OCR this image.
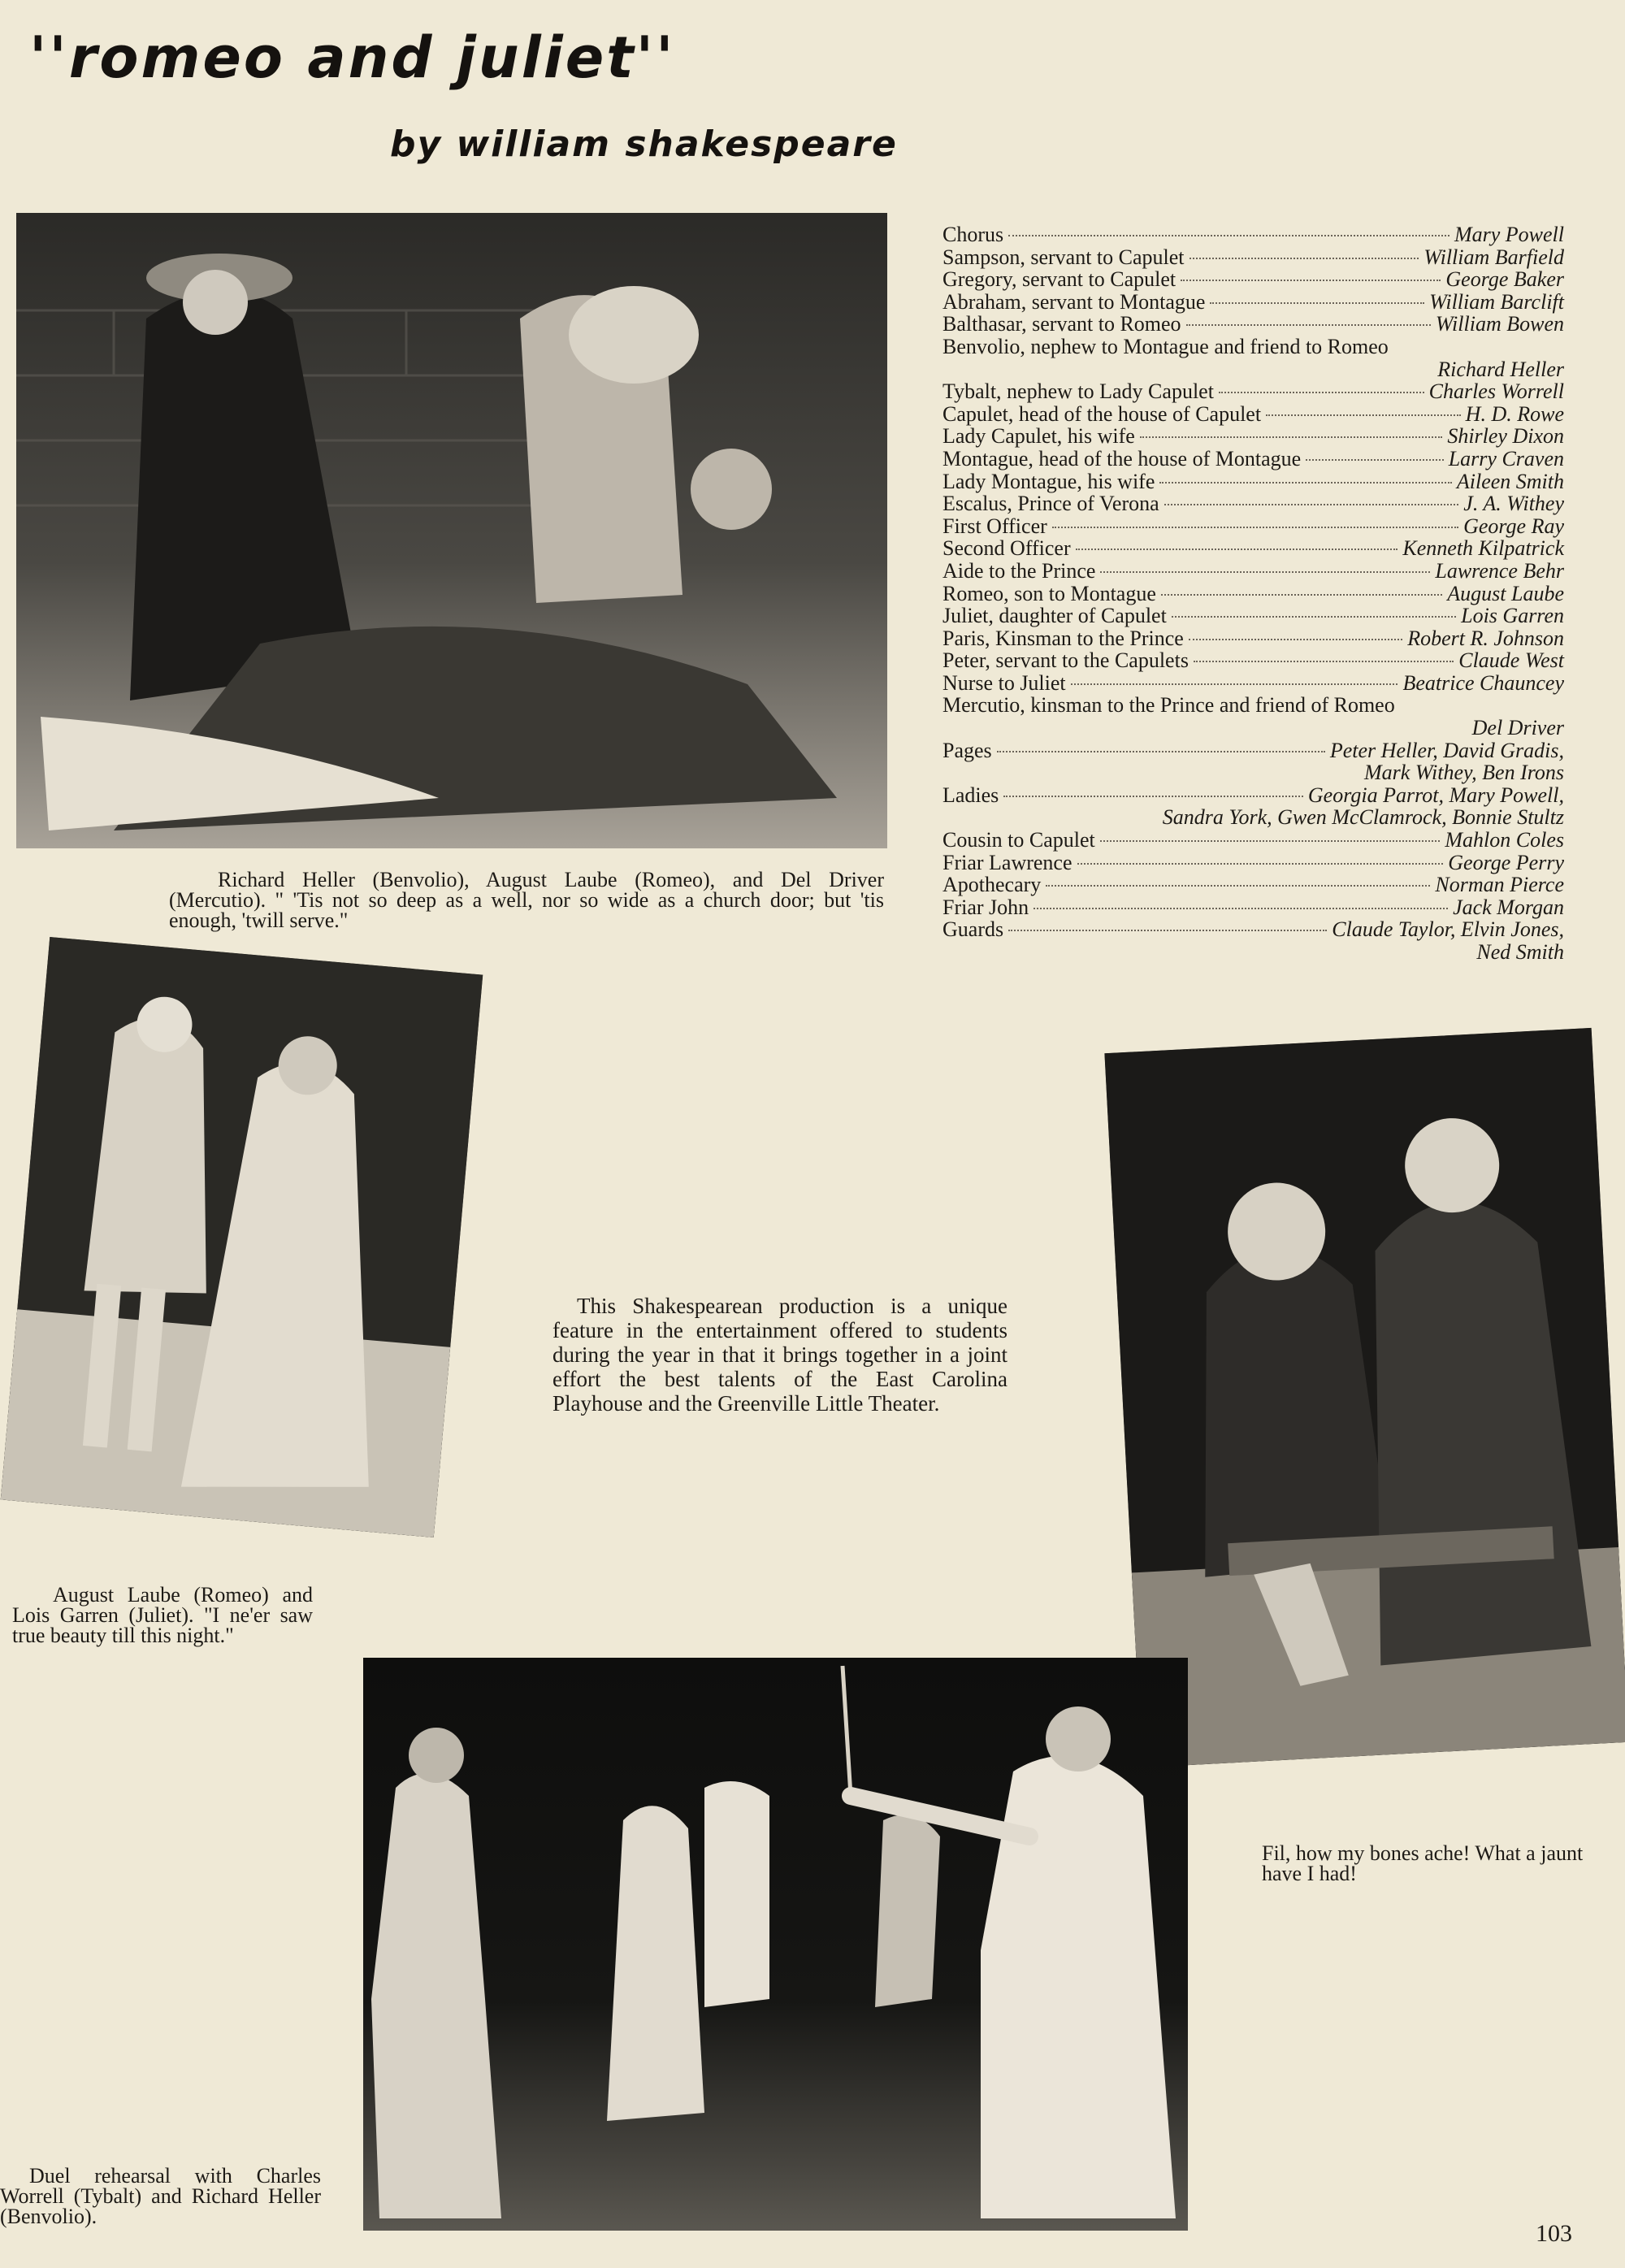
''romeo and juliet''
by william shakespeare
Richard Heller (Benvolio), August Laube (Romeo), and Del Driver (Mercutio). " 'Tis not so deep as a well, nor so wide as a church door; but 'tis enough, 'twill serve."
Chorus	Mary Powell
Sampson, servant to Capulet	William Barfield
Gregory, servant to Capulet	George Baker
Abraham, servant to Montague	William Barclift
Balthasar, servant to Romeo	William Bowen
Benvolio, nephew to Montague and friend to Romeo
Richard Heller
Tybalt, nephew to Lady Capulet	Charles Worrell
Capulet, head of the house of Capulet	H. D. Rowe
Lady Capulet, his wife	Shirley Dixon
Montague, head of the house of Montague	Larry Craven
Lady Montague, his wife	Aileen Smith
Escalus, Prince of Verona	J. A. Withey
First Officer	George Ray
Second Officer	Kenneth Kilpatrick
Aide to the Prince	Lawrence Behr
Romeo, son to Montague	August Laube
Juliet, daughter of Capulet	Lois Garren
Paris, Kinsman to the Prince	Robert R. Johnson
Peter, servant to the Capulets	Claude West
Nurse to Juliet	Beatrice Chauncey
Mercutio, kinsman to the Prince and friend of Romeo
Del Driver
Pages	Peter Heller, David Gradis,
Mark Withey, Ben Irons
Ladies	Georgia Parrot, Mary Powell,
Sandra York, Gwen McClamrock, Bonnie Stultz
Cousin to Capulet	Mahlon Coles
Friar Lawrence	George Perry
Apothecary	Norman Pierce
Friar John	Jack Morgan
Guards	Claude Taylor, Elvin Jones,
Ned Smith
August Laube (Romeo) and Lois Garren (Juliet). "I ne'er saw true beauty till this night."
This Shakespearean production is a unique feature in the entertainment offered to students during the year in that it brings together in a joint effort the best talents of the East Carolina Playhouse and the Greenville Little Theater.
Fil, how my bones ache! What a jaunt have I had!
Duel rehearsal with Charles Worrell (Tybalt) and Richard Heller (Benvolio).
103
